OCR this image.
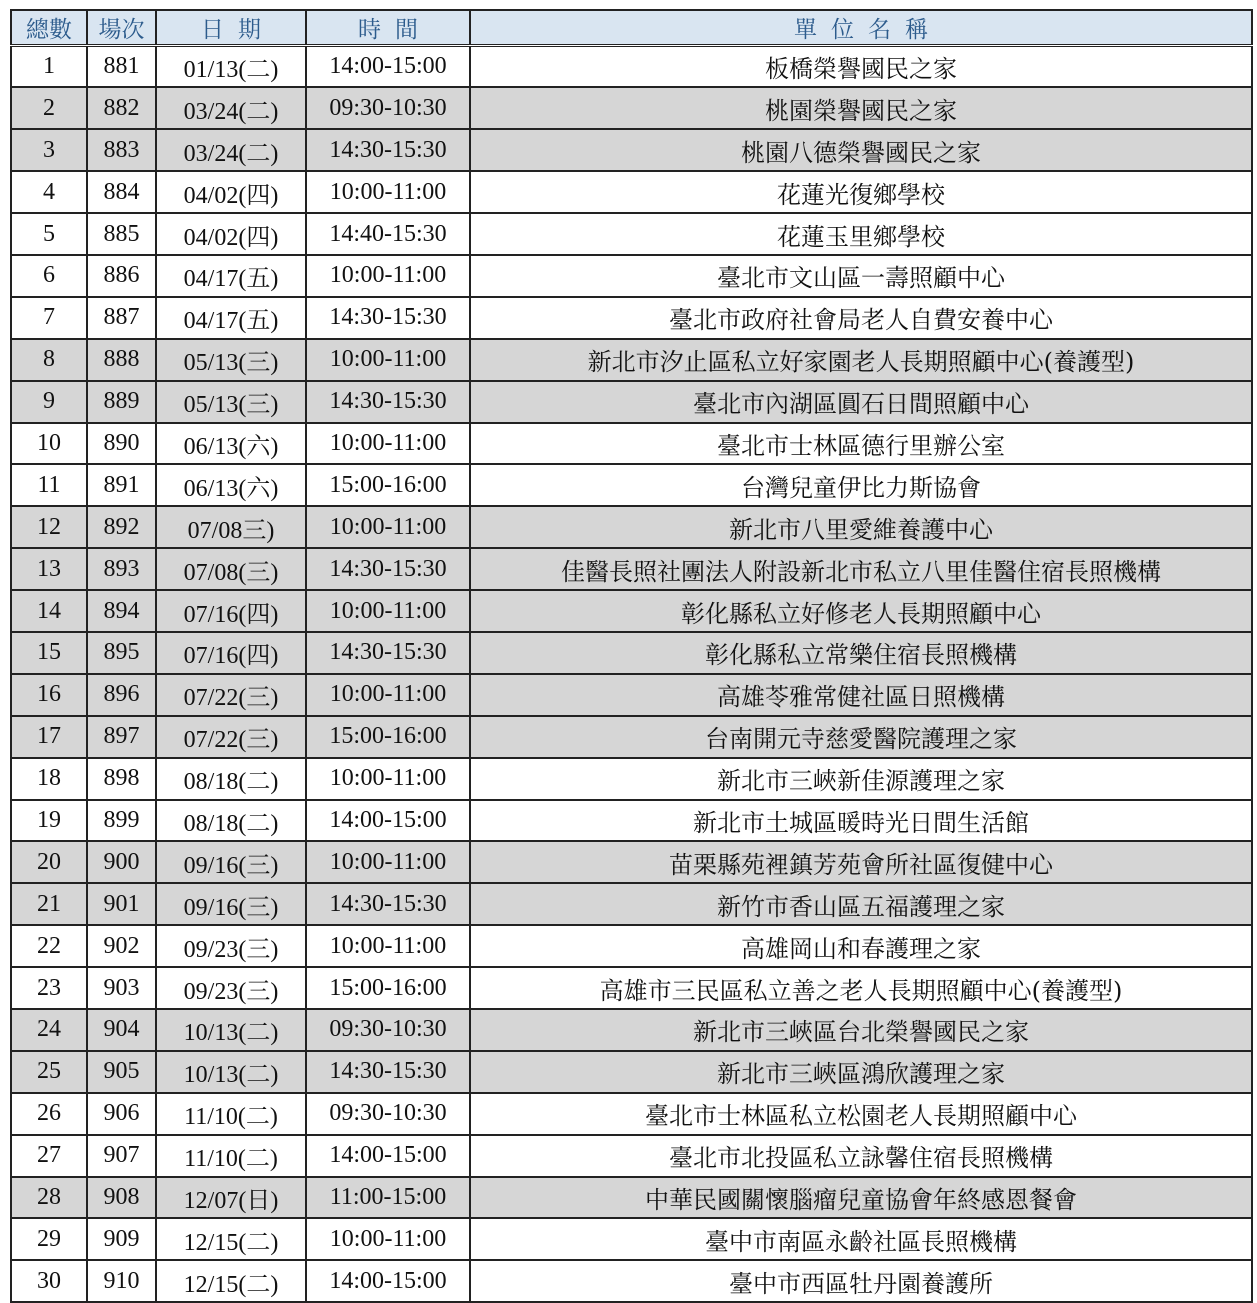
總數	場次	日期	時間	單位名稱
1	881	01/13(二)	14:00-15:00	板橋榮譽國民之家
2	882	03/24(二)	09:30-10:30	桃園榮譽國民之家
3	883	03/24(二)	14:30-15:30	桃園八德榮譽國民之家
4	884	04/02(四)	10:00-11:00	花蓮光復鄉學校
5	885	04/02(四)	14:40-15:30	花蓮玉里鄉學校
6	886	04/17(五)	10:00-11:00	臺北市文山區一壽照顧中心
7	887	04/17(五)	14:30-15:30	臺北市政府社會局老人自費安養中心
8	888	05/13(三)	10:00-11:00	新北市汐止區私立好家園老人長期照顧中心(養護型)
9	889	05/13(三)	14:30-15:30	臺北市內湖區圓石日間照顧中心
10	890	06/13(六)	10:00-11:00	臺北市士林區德行里辦公室
11	891	06/13(六)	15:00-16:00	台灣兒童伊比力斯協會
12	892	07/08三)	10:00-11:00	新北市八里愛維養護中心
13	893	07/08(三)	14:30-15:30	佳醫長照社團法人附設新北市私立八里佳醫住宿長照機構
14	894	07/16(四)	10:00-11:00	彰化縣私立好修老人長期照顧中心
15	895	07/16(四)	14:30-15:30	彰化縣私立常樂住宿長照機構
16	896	07/22(三)	10:00-11:00	高雄苓雅常健社區日照機構
17	897	07/22(三)	15:00-16:00	台南開元寺慈愛醫院護理之家
18	898	08/18(二)	10:00-11:00	新北市三峽新佳源護理之家
19	899	08/18(二)	14:00-15:00	新北市土城區暖時光日間生活館
20	900	09/16(三)	10:00-11:00	苗栗縣苑裡鎮芳苑會所社區復健中心
21	901	09/16(三)	14:30-15:30	新竹市香山區五福護理之家
22	902	09/23(三)	10:00-11:00	高雄岡山和春護理之家
23	903	09/23(三)	15:00-16:00	高雄市三民區私立善之老人長期照顧中心(養護型)
24	904	10/13(二)	09:30-10:30	新北市三峽區台北榮譽國民之家
25	905	10/13(二)	14:30-15:30	新北市三峽區鴻欣護理之家
26	906	11/10(二)	09:30-10:30	臺北市士林區私立松園老人長期照顧中心
27	907	11/10(二)	14:00-15:00	臺北市北投區私立詠馨住宿長照機構
28	908	12/07(日)	11:00-15:00	中華民國關懷腦瘤兒童協會年終感恩餐會
29	909	12/15(二)	10:00-11:00	臺中市南區永齡社區長照機構
30	910	12/15(二)	14:00-15:00	臺中市西區牡丹園養護所
